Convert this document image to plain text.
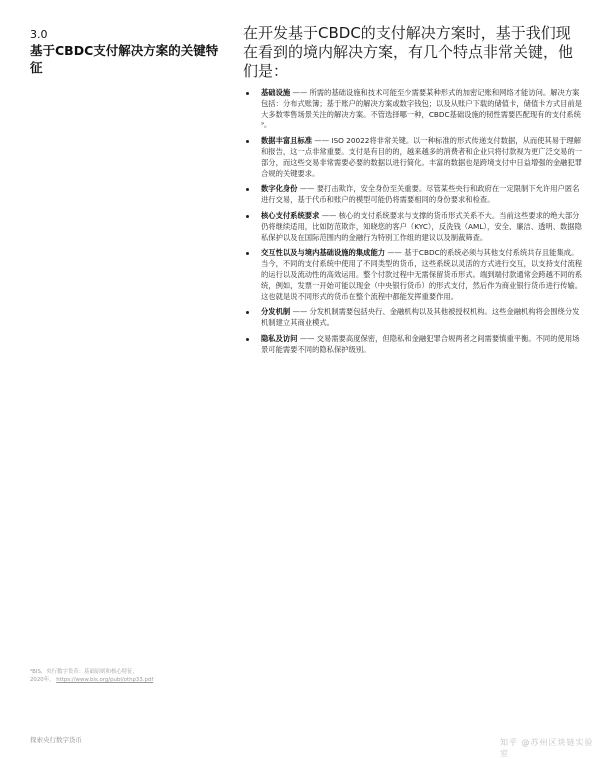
3.0
基于CBDC支付解决方案的关键特征
在开发基于CBDC的支付解决方案时，基于我们现在看到的境内解决方案，有几个特点非常关键，他们是：
基础设施 —— 所需的基础设施和技术可能至少需要某种形式的加密记账和网络才能访问。解决方案包括：分布式账簿；基于账户的解决方案或数字钱包；以及从账户下载的储值卡，储值卡方式目前是大多数零售场景关注的解决方案。不管选择哪一种，CBDC基础设施的韧性需要匹配现有的支付系统⁹。
数据丰富且标准 —— ISO 20022将非常关键。以一种标准的形式传递支付数据，从而使其易于理解和报告，这一点非常重要。支付是有目的的，越来越多的消费者和企业只将付款视为更广泛交易的一部分，而这些交易非常需要必要的数据以进行简化。丰富的数据也是跨境支付中日益增强的金融犯罪合规的关键要求。
数字化身份 —— 要打击欺诈，安全身份至关重要。尽管某些央行和政府在一定限制下允许用户匿名进行交易，基于代币和账户的模型可能仍将需要相同的身份要求和检查。
核心支付系统要求 —— 核心的支付系统要求与支撑的货币形式关系不大。当前这些要求的绝大部分仍将继续适用，比如防范欺诈，知晓您的客户（KYC），反洗钱（AML），安全、廉洁、透明、数据隐私保护以及在国际范围内的金融行为特别工作组的建议以及制裁筛查。
交互性以及与境内基础设施的集成能力 —— 基于CBDC的系统必须与其他支付系统共存且能集成。当今，不同的支付系统中使用了不同类型的货币，这些系统以灵活的方式进行交互，以支持支付流程的运行以及流动性的高效运用。整个付款过程中无需保留货币形式。端到端付款通常会跨越不同的系统，例如，发票一开始可能以现金（中央银行货币）的形式支付，然后作为商业银行货币进行传输。这也就是说不同形式的货币在整个流程中都能发挥重要作用。
分发机制 —— 分发机制需要包括央行、金融机构以及其他被授权机构。这些金融机构将会围绕分发机制建立其商业模式。
隐私及访问 —— 交易需要高度保密，但隐私和金融犯罪合规两者之间需要慎重平衡。不同的使用场景可能需要不同的隐私保护级别。
⁹BIS，央行数字货币：基础原则和核心特征，
2020年， https://www.bis.org/publ/othp33.pdf
探索央行数字货币	知乎 @苏州区块链实验室
